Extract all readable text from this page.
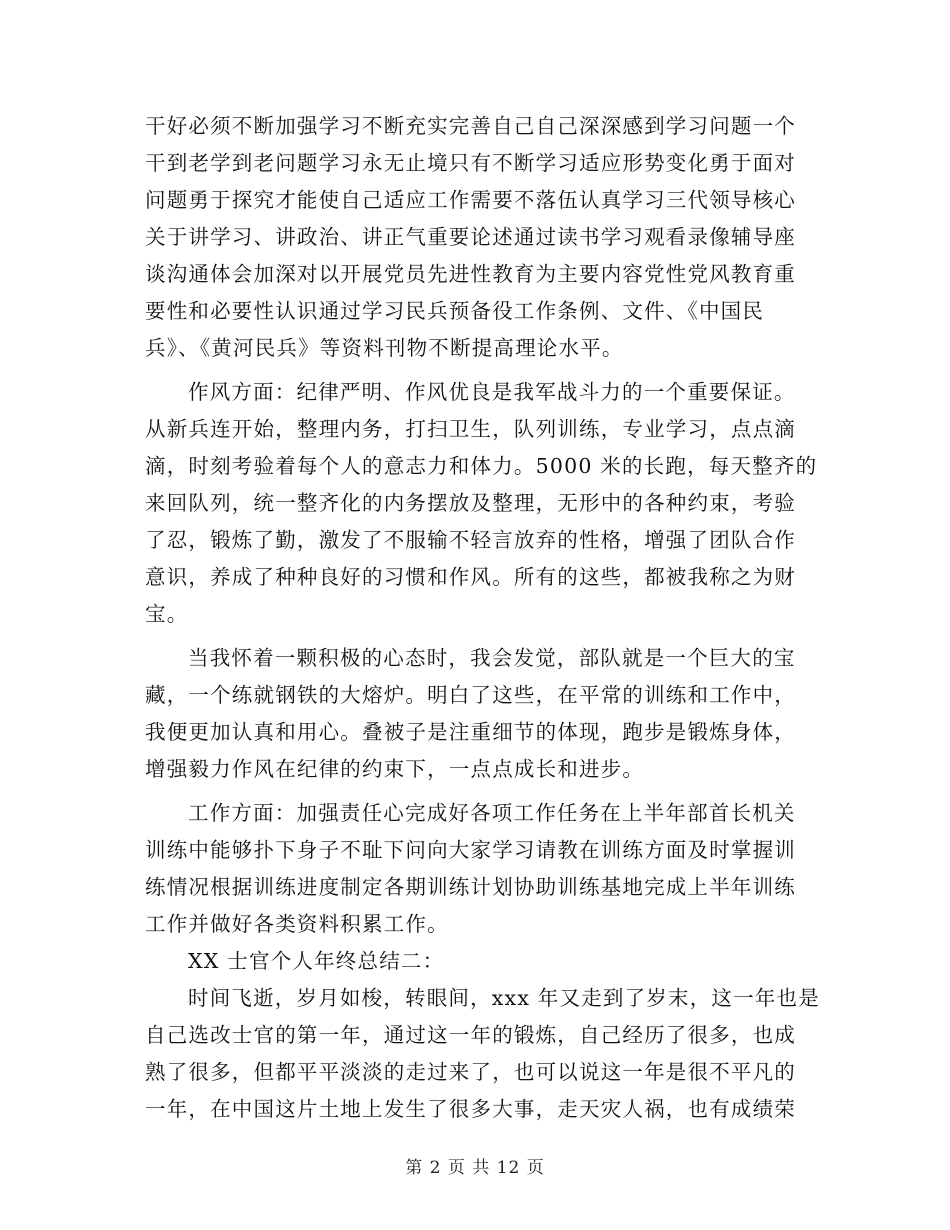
干好必须不断加强学习不断充实完善自己自己深深感到学习问题一个
干到老学到老问题学习永无止境只有不断学习适应形势变化勇于面对
问题勇于探究才能使自己适应工作需要不落伍认真学习三代领导核心
关于讲学习、讲政治、讲正气重要论述通过读书学习观看录像辅导座
谈沟通体会加深对以开展党员先进性教育为主要内容党性党风教育重
要性和必要性认识通过学习民兵预备役工作条例、文件、《中国民
兵》、《黄河民兵》等资料刊物不断提高理论水平。
作风方面：纪律严明、作风优良是我军战斗力的一个重要保证。
从新兵连开始，整理内务，打扫卫生，队列训练，专业学习，点点滴
滴，时刻考验着每个人的意志力和体力。5000 米的长跑，每天整齐的
来回队列，统一整齐化的内务摆放及整理，无形中的各种约束，考验
了忍，锻炼了勤，激发了不服输不轻言放弃的性格，增强了团队合作
意识，养成了种种良好的习惯和作风。所有的这些，都被我称之为财
宝。
当我怀着一颗积极的心态时，我会发觉，部队就是一个巨大的宝
藏，一个练就钢铁的大熔炉。明白了这些，在平常的训练和工作中，
我便更加认真和用心。叠被子是注重细节的体现，跑步是锻炼身体，
增强毅力作风在纪律的约束下，一点点成长和进步。
工作方面：加强责任心完成好各项工作任务在上半年部首长机关
训练中能够扑下身子不耻下问向大家学习请教在训练方面及时掌握训
练情况根据训练进度制定各期训练计划协助训练基地完成上半年训练
工作并做好各类资料积累工作。
XX 士官个人年终总结二：
时间飞逝，岁月如梭，转眼间，xxx 年又走到了岁末，这一年也是
自己选改士官的第一年，通过这一年的锻炼，自己经历了很多，也成
熟了很多，但都平平淡淡的走过来了，也可以说这一年是很不平凡的
一年，在中国这片土地上发生了很多大事，走天灾人祸，也有成绩荣
第 2 页 共 12 页
